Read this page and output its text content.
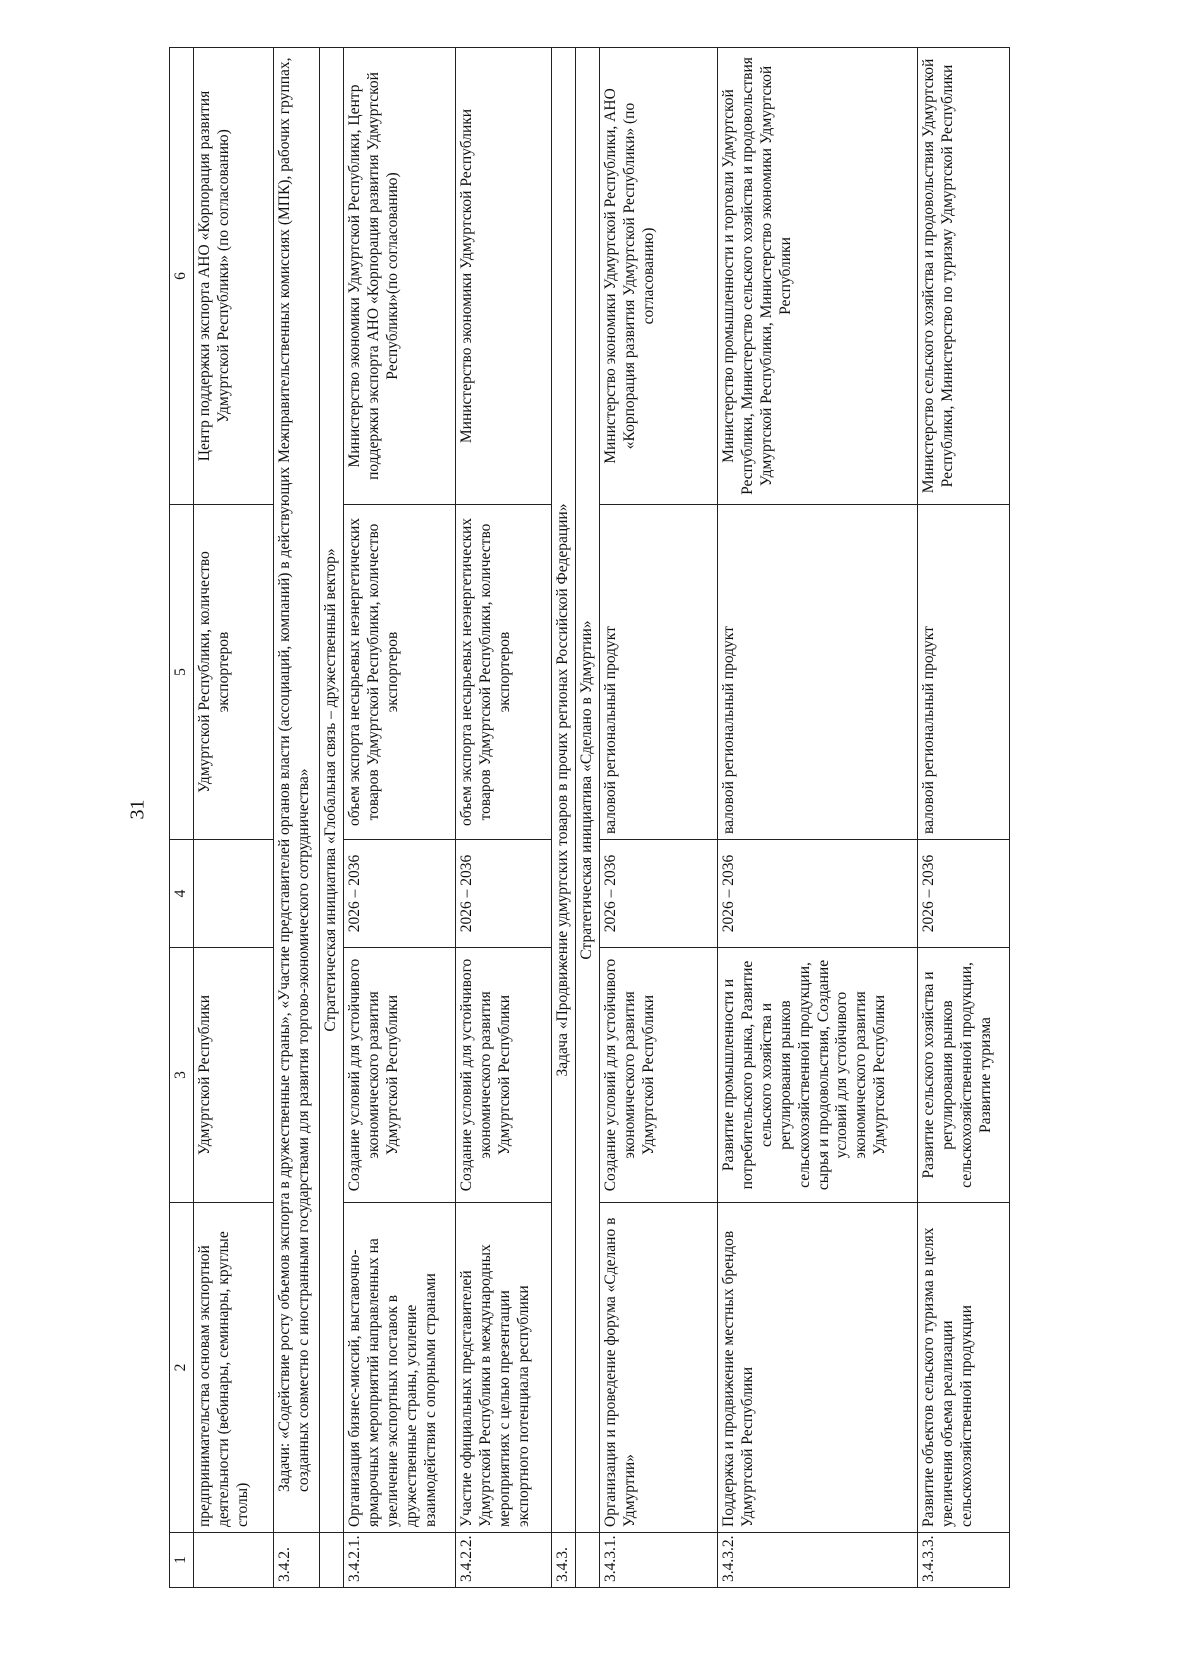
31
1	2	3	4	5	6
	предпринимательства основам экспортной деятельности (вебинары, семинары, круглые столы)	Удмуртской Республики		Удмуртской Республики, количество экспортеров	Центр поддержки экспорта АНО «Корпорация развития Удмуртской Республики» (по согласованию)
3.4.2.	Задачи: «Содействие росту объемов экспорта в дружественные страны», «Участие представителей органов власти (ассоциаций, компаний) в действующих Межправительственных комиссиях (МПК), рабочих группах, созданных совместно с иностранными государствами для развития торгово-экономического сотрудничества»				
	Стратегическая инициатива «Глобальная связь – дружественный вектор»				
3.4.2.1.	Организация бизнес-миссий, выставочно-ярмарочных мероприятий направленных на увеличение экспортных поставок в дружественные страны, усиление взаимодействия с опорными странами	Создание условий для устойчивого экономического развития Удмуртской Республики	2026 – 2036	объем экспорта несырьевых неэнергетических товаров Удмуртской Республики, количество экспортеров	Министерство экономики Удмуртской Республики, Центр поддержки экспорта АНО «Корпорация развития Удмуртской Республики»(по согласованию)
3.4.2.2.	Участие официальных представителей Удмуртской Республики в международных мероприятиях с целью презентации экспортного потенциала республики	Создание условий для устойчивого экономического развития Удмуртской Республики	2026 – 2036	объем экспорта несырьевых неэнергетических товаров Удмуртской Республики, количество экспортеров	Министерство экономики Удмуртской Республики
3.4.3.	Задача «Продвижение удмуртских товаров в прочих регионах Российской Федерации»				
	Стратегическая инициатива «Сделано в Удмуртии»				
3.4.3.1.	Организация и проведение форума «Сделано в Удмуртии»	Создание условий для устойчивого экономического развития Удмуртской Республики	2026 – 2036	валовой региональный продукт	Министерство экономики Удмуртской Республики, АНО «Корпорация развития Удмуртской Республики» (по согласованию)
3.4.3.2.	Поддержка и продвижение местных брендов Удмуртской Республики	Развитие промышленности и потребительского рынка, Развитие сельского хозяйства и регулирования рынков сельскохозяйственной продукции, сырья и продовольствия, Создание условий для устойчивого экономического развития Удмуртской Республики	2026 – 2036	валовой региональный продукт	Министерство промышленности и торговли Удмуртской Республики, Министерство сельского хозяйства и продовольствия Удмуртской Республики, Министерство экономики Удмуртской Республики
3.4.3.3.	Развитие объектов сельского туризма в целях увеличения объема реализации сельскохозяйственной продукции	Развитие сельского хозяйства и регулирования рынков сельскохозяйственной продукции, Развитие туризма	2026 – 2036	валовой региональный продукт	Министерство сельского хозяйства и продовольствия Удмуртской Республики, Министерство по туризму Удмуртской Республики
